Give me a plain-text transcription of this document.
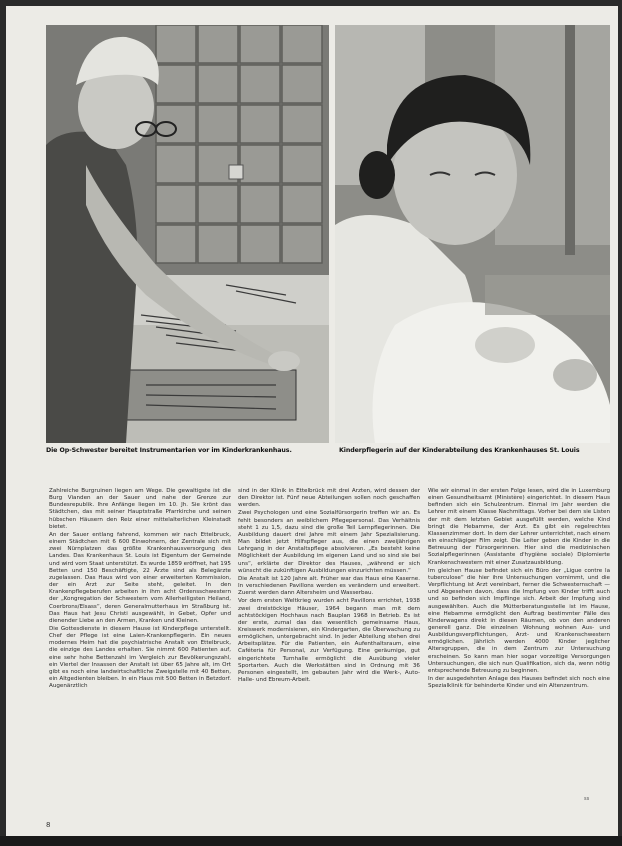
Die Op-Schwester bereitet Instrumentarien vor im Kinderkrankenhaus.	Kinderpflegerin auf der Kinderabteilung des Krankenhauses St. Louis

Zahlreiche Burgruinen liegen am Wege. Die gewaltigste ist die Burg Vianden an der Sauer und nahe der Grenze zur Bundesrepublik. Ihre Anfänge liegen im 10. Jh. Sie krönt das Städtchen, das mit seiner Hauptstraße Pfarrkirche und seinen hübschen Häusern den Reiz einer mittelalterlichen Kleinstadt bietet.

An der Sauer entlang fahrend, kommen wir nach Ettelbruck, einem Städtchen mit 6 600 Einwohnern, der Zentrale sich mit zwei Nürnplatzen das größte Krankenhausversorgung des Landes. Das Krankenhaus St. Louis ist Eigentum der Gemeinde und wird vom Staat unterstützt. Es wurde 1859 eröffnet, hat 195 Betten und 150 Beschäftigte, 22 Ärzte sind als Belegärzte zugelassen. Das Haus wird von einer erweiterten Kommission, der ein Arzt zur Seite steht, geleitet. In den Krankenpflegeberufen arbeiten in ihm acht Ordensschwestern der „Kongregation der Schwestern vom Allerheiligsten Heiland, Coerbrons/Elsass“, deren Generalmutterhaus im Straßburg ist. Das Haus hat Jesu Christi ausgewählt, in Gebet, Opfer und dienender Liebe an den Armen, Kranken und Kleinen.

Die Gottesdienste in diesem Hause ist Kinderpflege unterstellt. Chef der Pflege ist eine Laien-Krankenpflegerin. Ein neues modernes Heim hat die psychiatrische Anstalt von Ettelbruck, die einzige des Landes erhalten. Sie nimmt 600 Patienten auf, eine sehr hohe Bettenzahl im Vergleich zur Bevölkerungszahl, ein Viertel der Insassen der Anstalt ist über 65 Jahre alt, im Ort gibt es noch eine landwirtschaftliche Zweigstelle mit 40 Betten, ein Altgedienten bleiben. In ein Haus mit 500 Betten in Betzdorf. Augenärztlich

sind in der Klinik in Ettelbrück mit drei Ärzten, wird dessen der den Direktor ist. Fünf neue Abteilungen sollen noch geschaffen werden.

Zwei Psychologen und eine Sozialfürsorgerin treffen wir an. Es fehlt besonders an weiblichem Pflegepersonal. Das Verhältnis steht 1 zu 1,5, dazu sind die große Teil Lernpflegerinnen. Die Ausbildung dauert drei Jahre mit einem Jahr Spezialisierung. Man bildet jetzt Hilfspfleger aus, die einen zweijährigen Lehrgang in der Anstaltspflege absolvieren. „Es besteht keine Möglichkeit der Ausbildung im eigenen Land und so sind sie bei uns“, erklärte der Direktor des Hauses, „während er sich wünscht die zukünftigen Ausbildungen einzurichten müssen.“

Die Anstalt ist 120 Jahre alt. Früher war das Haus eine Kaserne. In verschiedenen Pavillons werden es verändern und erweitert. Zuerst werden dann Altersheim und Wasserbau.

Vor dem ersten Weltkrieg wurden acht Pavillons errichtet, 1938 zwei dreistöckige Häuser, 1964 begann man mit dem achtstöckigen Hochhaus nach Bauplan 1968 in Betrieb. Es ist der erste, zumal das das wesentlich gemeinsame Haus, Kreiswerk modernisieren, ein Kindergarten, die Überwachung zu ermöglichen, untergebracht sind. In jeder Abteilung stehen drei Arbeitsplätze. Für die Patienten, ein Aufenthaltsraum, eine Caféteria für Personal, zur Verfügung. Eine geräumige, gut eingerichtete Turnhalle ermöglicht die Ausübung vieler Sportarten. Auch die Werkstätten sind in Ordnung mit 36 Personen eingestellt, im gebauten Jahr wird die Werk-, Auto-Halle- und Ebreum-Arbeit.

Wie wir einmal in der ersten Folge lesen, wird die in Luxemburg einen Gesundheitsamt (Ministère) eingerichtet. In diesem Haus befinden sich ein Schulzentrum. Einmal im Jahr werden die Lehrer mit einem Klasse Nachmittags. Vorher bei dem sie Listen der mit dem letzten Gebiet ausgefüllt werden, welche Kind bringt die Hebamme, der Arzt. Es gibt ein regelrechtes Klassenzimmer dort. In dem der Lehrer unterrichtet, nach einem ein einschlägiger Film zeigt. Die Leiter geben die Kinder in die Betreuung der Fürsorgerinnen. Hier sind die medizinischen Sozialpflegerinnen (Assistante d'hygiène sociale) Diplomierte Krankenschwestern mit einer Zusatzausbildung.

Im gleichen Hause befindet sich ein Büro der „Ligue contre la tuberculose“ die hier ihre Untersuchungen vornimmt, und die Verpflichtung ist Arzt vereinbart, ferner die Schwesternschaft — und Abgesehen davon, dass die Impfung von Kinder trifft auch und so befinden sich Impflinge sich. Arbeit der Impfung sind ausgewählten. Auch die Mütterberatungsstelle ist im Hause, eine Hebamme ermöglicht den Auftrag bestimmter Fälle des Kinderwagens direkt in diesen Räumen, ob von den anderen generell ganz. Die einzelnen Wohnung wohnen Aus- und Ausbildungsverpflichtungen, Arzt- und Krankenschwestern ermöglichen. Jährlich werden 4000 Kinder jeglicher Altersgruppen, die in dem Zentrum zur Untersuchung erscheinen. So kann man hier sogar vorzeitige Versorgungen Untersuchungen, die sich nun Qualifikation, sich da, wenn nötig entsprechende Betreuung zu beginnen.

In der ausgedehnten Anlage des Hauses befindet sich noch eine Spezialklinik für behinderte Kinder und ein Altenzentrum.

8
ss
